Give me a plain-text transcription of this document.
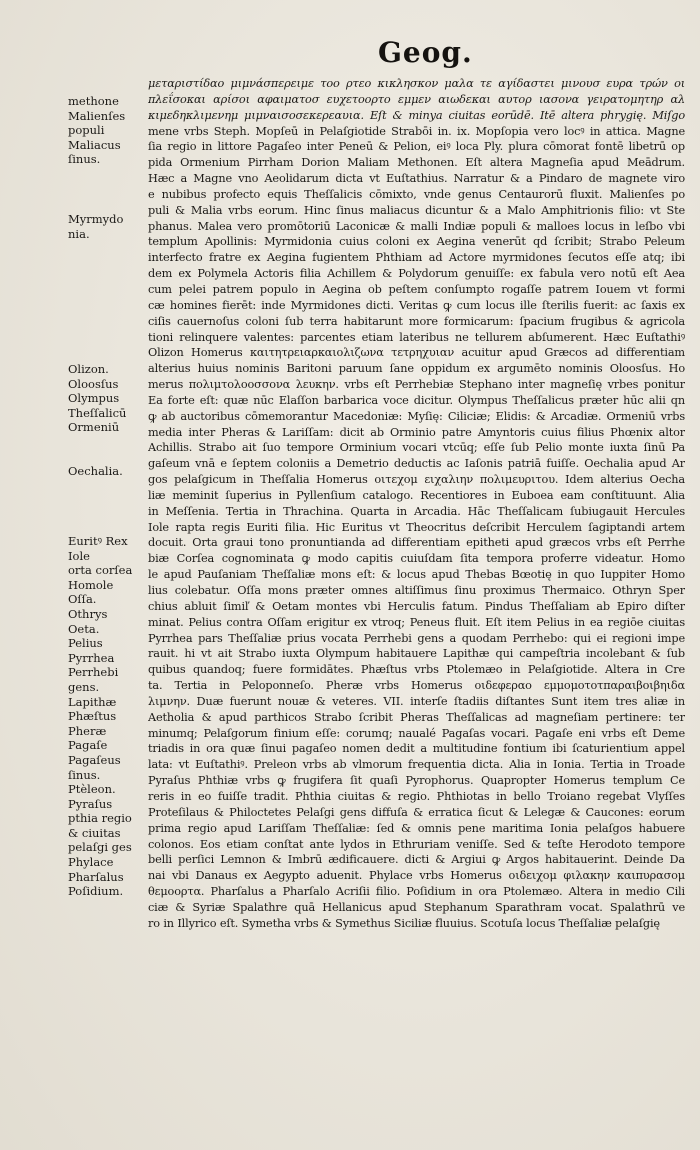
Geog.
methone
Malienſes
populi
Maliacus
ſinus.
Myrmydo
nia.
Olizon.
Oloosſus
Olympus
Theſſalicū
Ormeniū
Oechalia.
Euritꝰ Rex
Iole
orta corſea
Homole
Oſſa.
Othrys
Oeta.
Pelius
Pyrrhea
Perrhebi
gens.
Lapithæ
Phæſtus
Pheræ
Pagaſe
Pagaſeus
ſinus.
Ptèleon.
Pyraſus
pthia regio
& ciuitas
pelaſgi ges
Phylace
Pharſalus
Poſidium.
μεταριστίδαο μιμνάσπερειμε τοο ρτεο κικλησκον μαλα τε αγίδαστει μινουσ ευρα τρών οι
πλεΐσοκαι αρίσοι αφαιματοσ ευχετοορτο εμμεν αιωδεκαι αυτορ ιασονα γειρατομητηρ αλ
κιμεδηκλιμενημ μιμναισοσεκερεαυια. Eſt & minya ciuitas eorūdē. Itē altera phrygię. Miſgo
mene vrbs Steph. Mopſeū in Pelaſgiotide Strabōi in. ix. Mopſopia vero locꝰ in attica. Magne
ſia regio in littore Pagaſeo inter Peneū & Pelion, eiꝰ loca Ply. plura cōmorat fontē libetrū op
pida Ormenium Pirrham Dorion Maliam Methonen. Eſt altera Magneſia apud Meādrum.
Hæc a Magne vno Aeolidarum dicta vt Euſtathius. Narratur & a Pindaro de magnete viro
e nubibus profecto equis Theſſalicis cōmixto, vnde genus Centaurorū fluxit. Malienſes po
puli & Malia vrbs eorum. Hinc ſinus maliacus dicuntur & a Malo Amphitrionis filio: vt Ste
phanus. Malea vero promōtoriū Laconicæ & malli Indiæ populi & malloes locus in leſbo vbi
templum Apollinis: Myrmidonia cuius coloni ex Aegina venerūt qd ſcribit; Strabo Peleum
interfecto fratre ex Aegina fugientem Phthiam ad Actore myrmidones ſecutos eſſe atq; ibi
dem ex Polymela Actoris filia Achillem & Polydorum genuiſſe: ex fabula vero notū eſt Aea
cum pelei patrem populo in Aegina ob peſtem conſumpto rogaſſe patrem Iouem vt formi
cæ homines fierēt: inde Myrmidones dicti. Veritas ꝙ cum locus ille ſterilis fuerit: ac ſaxis ex
ciſis cauernoſus coloni ſub terra habitarunt more formicarum: ſpacium frugibus & agricola
tioni relinquere valentes: parcentes etiam lateribus ne tellurem abſumerent. Hæc Euſtathiꝰ
Olizon Homerus καιτητρειαρκαιολιζωνα τετρηχυιαν acuitur apud Græcos ad differentiam
alterius huius nominis Baritoni paruum ſane oppidum ex argumēto nominis Oloosſus. Ho
merus πολιμτολοοσσονα λευκην. vrbs eſt Perrhebiæ Stephano inter magneſię vrbes ponitur
Ea forte eſt: quæ nūc Elaſſon barbarica voce dicitur. Olympus Theſſalicus præter hūc alii qn
ꝙ ab auctoribus cōmemorantur Macedoniæ: Myſię: Ciliciæ; Elidis: & Arcadiæ. Ormeniū vrbs
media inter Pheras & Lariſſam: dicit ab Orminio patre Amyntoris cuius filius Phœnix altor
Achillis. Strabo ait ſuo tempore Orminium vocari vtcūq; eſſe ſub Pelio monte iuxta ſinū Pa
gaſeum vnā e ſeptem coloniis a Demetrio deductis ac Iaſonis patriā fuiſſe. Oechalia apud Ar
gos pelaſgicum in Theſſalia Homerus οιτεχομ ειχαλιην πολιμευριτου. Idem alterius Oecha
liæ meminit ſuperius in Pyllenſium catalogo. Recentiores in Euboea eam conſtituunt. Alia
in Meſſenia. Tertia in Thrachina. Quarta in Arcadia. Hāc Theſſalicam ſubiugauit Hercules
Iole rapta regis Euriti filia. Hic Euritus vt Theocritus deſcribit Herculem ſagiptandi artem
docuit. Orta graui tono pronuntianda ad differentiam epitheti apud græcos vrbs eſt Perrhe
biæ Corſea cognominata ꝙ modo capitis cuiuſdam ſita tempora proferre videatur. Homo
le apud Pauſaniam Theſſaliæ mons eſt: & locus apud Thebas Bœotię in quo Iuppiter Homo
lius colebatur. Oſſa mons præter omnes altiſſimus ſinu proximus Thermaico. Othryn Sper
chius abluit ſimiľ & Oetam montes vbi Herculis fatum. Pindus Theſſaliam ab Epiro diſter
minat. Pelius contra Oſſam erigitur ex vtroq; Peneus fluit. Eſt item Pelius in ea regiōe ciuitas
Pyrrhea pars Theſſaliæ prius vocata Perrhebi gens a quodam Perrhebo: qui ei regioni impe
rauit. hi vt ait Strabo iuxta Olympum habitauere Lapithæ qui campeſtria incolebant & ſub
quibus quandoq; fuere formidātes. Phæſtus vrbs Ptolemæo in Pelaſgiotide. Altera in Cre
ta. Tertia in Peloponneſo. Pheræ vrbs Homerus οιδεφεραο εμμομοτοτπαραιβοιβηιδα
λιμνην. Duæ fuerunt nouæ & veteres. VII. interſe ſtadiis diſtantes Sunt item tres aliæ in
Aetholia & apud parthicos Strabo ſcribit Pheras Theſſalicas ad magneſiam pertinere: ter
minumq; Pelaſgorum finium eſſe: corumq; naualé Pagaſas vocari. Pagaſe eni vrbs eſt Deme
triadis in ora quæ ſinui pagaſeo nomen dedit a multitudine fontium ibi ſcaturientium appel
lata: vt Euſtathiꝰ. Preleon vrbs ab vlmorum frequentia dicta. Alia in Ionia. Tertia in Troade
Pyraſus Phthiæ vrbs ꝙ frugifera ſit quaſi Pyrophorus. Quapropter Homerus templum Ce
reris in eo fuiſſe tradit. Phthia ciuitas & regio. Phthiotas in bello Troiano regebat Vlyſſes
Proteſilaus & Philoctetes Pelaſgi gens diffuſa & erratica ſicut & Lelegæ & Caucones: eorum
prima regio apud Lariſſam Theſſaliæ: ſed & omnis pene maritima Ionia pelaſgos habuere
colonos. Eos etiam conſtat ante lydos in Ethruriam veniſſe. Sed & teſte Herodoto tempore
belli perſici Lemnon & Imbrū ædificauere. dicti & Argiui ꝙ Argos habitauerint. Deinde Da
nai vbi Danaus ex Aegypto aduenit. Phylace vrbs Homerus οιδειχομ φιλακην καιπυρασομ
θεμοορτα. Pharſalus a Pharſalo Acriſii filio. Poſidium in ora Ptolemæo. Altera in medio Cili
ciæ & Syriæ Spalathre quā Hellanicus apud Stephanum Sparathram vocat. Spalathrū ve
ro in Illyrico eſt. Symetha vrbs & Symethus Siciliæ fluuius. Scotuſa locus Theſſaliæ pelaſgię
